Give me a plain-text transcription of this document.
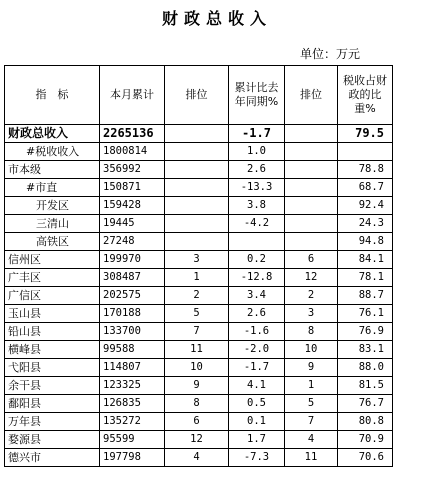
财政总收入
单位：万元
指　标	本月累计	排位	累计比去年同期%	排位	税收占财政的比重%
财政总收入	2265136		-1.7		79.5
#税收收入	1800814		1.0		
市本级	356992		2.6		78.8
#市直	150871		-13.3		68.7
开发区	159428		3.8		92.4
三清山	19445		-4.2		24.3
高铁区	27248				94.8
信州区	199970	3	0.2	6	84.1
广丰区	308487	1	-12.8	12	78.1
广信区	202575	2	3.4	2	88.7
玉山县	170188	5	2.6	3	76.1
铅山县	133700	7	-1.6	8	76.9
横峰县	99588	11	-2.0	10	83.1
弋阳县	114807	10	-1.7	9	88.0
余干县	123325	9	4.1	1	81.5
鄱阳县	126835	8	0.5	5	76.7
万年县	135272	6	0.1	7	80.8
婺源县	95599	12	1.7	4	70.9
德兴市	197798	4	-7.3	11	70.6
